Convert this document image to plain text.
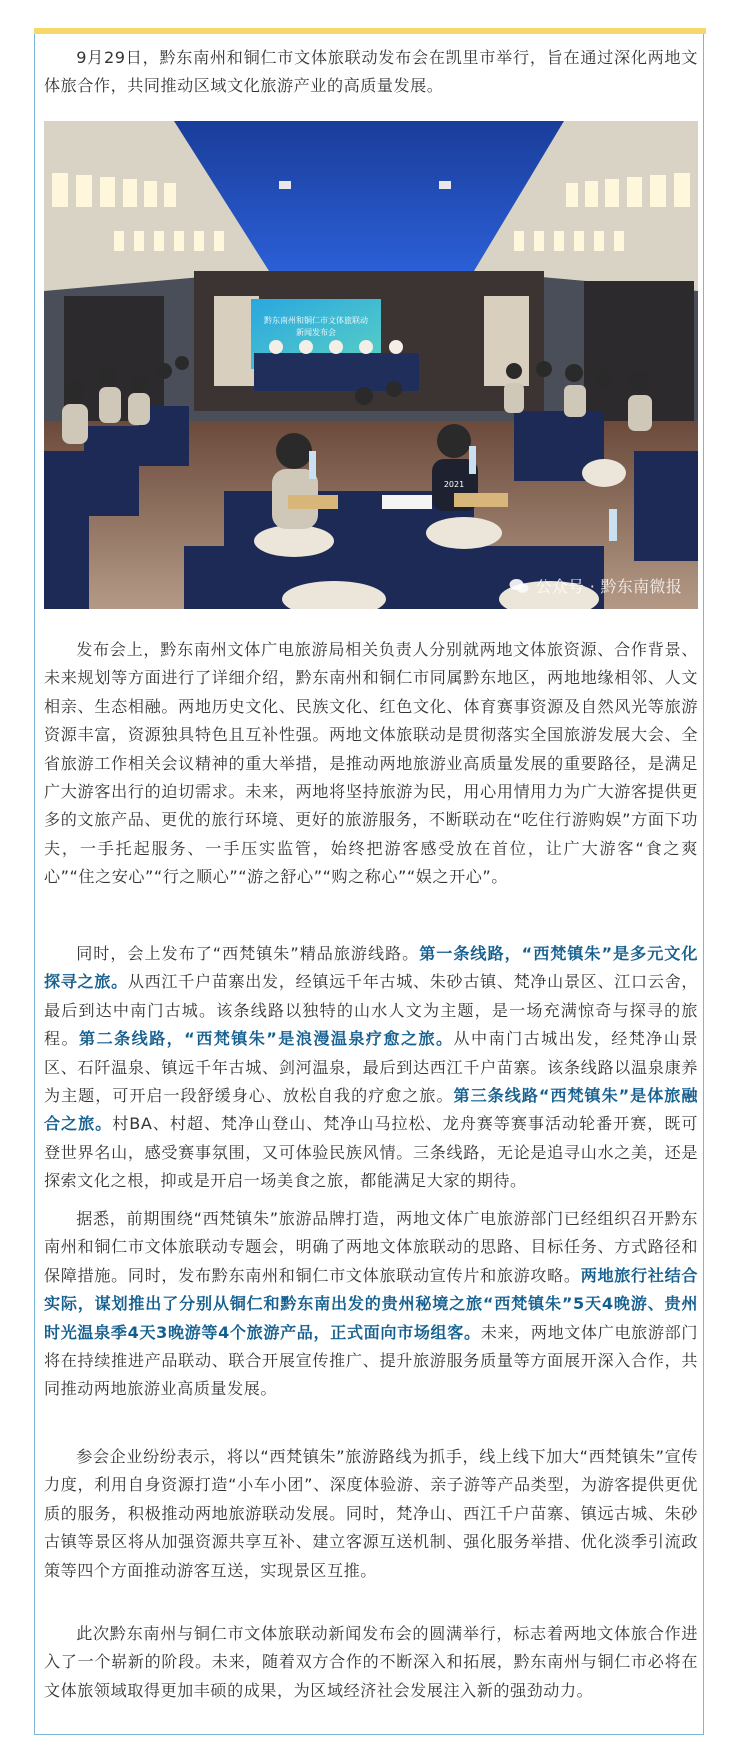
9月29日，黔东南州和铜仁市文体旅联动发布会在凯里市举行，旨在通过深化两地文体旅合作，共同推动区域文化旅游产业的高质量发展。

黔东南州和铜仁市文体旅联动
新闻发布会
2021
公众号 · 黔东南微报

发布会上，黔东南州文体广电旅游局相关负责人分别就两地文体旅资源、合作背景、未来规划等方面进行了详细介绍，黔东南州和铜仁市同属黔东地区，两地地缘相邻、人文相亲、生态相融。两地历史文化、民族文化、红色文化、体育赛事资源及自然风光等旅游资源丰富，资源独具特色且互补性强。两地文体旅联动是贯彻落实全国旅游发展大会、全省旅游工作相关会议精神的重大举措，是推动两地旅游业高质量发展的重要路径，是满足广大游客出行的迫切需求。未来，两地将坚持旅游为民，用心用情用力为广大游客提供更多的文旅产品、更优的旅行环境、更好的旅游服务，不断联动在“吃住行游购娱”方面下功夫，一手托起服务、一手压实监管，始终把游客感受放在首位，让广大游客“食之爽心”“住之安心”“行之顺心”“游之舒心”“购之称心”“娱之开心”。

同时，会上发布了“西梵镇朱”精品旅游线路。第一条线路，“西梵镇朱”是多元文化探寻之旅。从西江千户苗寨出发，经镇远千年古城、朱砂古镇、梵净山景区、江口云舍，最后到达中南门古城。该条线路以独特的山水人文为主题，是一场充满惊奇与探寻的旅程。第二条线路，“西梵镇朱”是浪漫温泉疗愈之旅。从中南门古城出发，经梵净山景区、石阡温泉、镇远千年古城、剑河温泉，最后到达西江千户苗寨。该条线路以温泉康养为主题，可开启一段舒缓身心、放松自我的疗愈之旅。第三条线路“西梵镇朱”是体旅融合之旅。村BA、村超、梵净山登山、梵净山马拉松、龙舟赛等赛事活动轮番开赛，既可登世界名山，感受赛事氛围，又可体验民族风情。三条线路，无论是追寻山水之美，还是探索文化之根，抑或是开启一场美食之旅，都能满足大家的期待。

据悉，前期围绕“西梵镇朱”旅游品牌打造，两地文体广电旅游部门已经组织召开黔东南州和铜仁市文体旅联动专题会，明确了两地文体旅联动的思路、目标任务、方式路径和保障措施。同时，发布黔东南州和铜仁市文体旅联动宣传片和旅游攻略。两地旅行社结合实际，谋划推出了分别从铜仁和黔东南出发的贵州秘境之旅“西梵镇朱”5天4晚游、贵州时光温泉季4天3晚游等4个旅游产品，正式面向市场组客。未来，两地文体广电旅游部门将在持续推进产品联动、联合开展宣传推广、提升旅游服务质量等方面展开深入合作，共同推动两地旅游业高质量发展。

参会企业纷纷表示，将以“西梵镇朱”旅游路线为抓手，线上线下加大“西梵镇朱”宣传力度，利用自身资源打造“小车小团”、深度体验游、亲子游等产品类型，为游客提供更优质的服务，积极推动两地旅游联动发展。同时，梵净山、西江千户苗寨、镇远古城、朱砂古镇等景区将从加强资源共享互补、建立客源互送机制、强化服务举措、优化淡季引流政策等四个方面推动游客互送，实现景区互推。

此次黔东南州与铜仁市文体旅联动新闻发布会的圆满举行，标志着两地文体旅合作进入了一个崭新的阶段。未来，随着双方合作的不断深入和拓展，黔东南州与铜仁市必将在文体旅领域取得更加丰硕的成果，为区域经济社会发展注入新的强劲动力。
